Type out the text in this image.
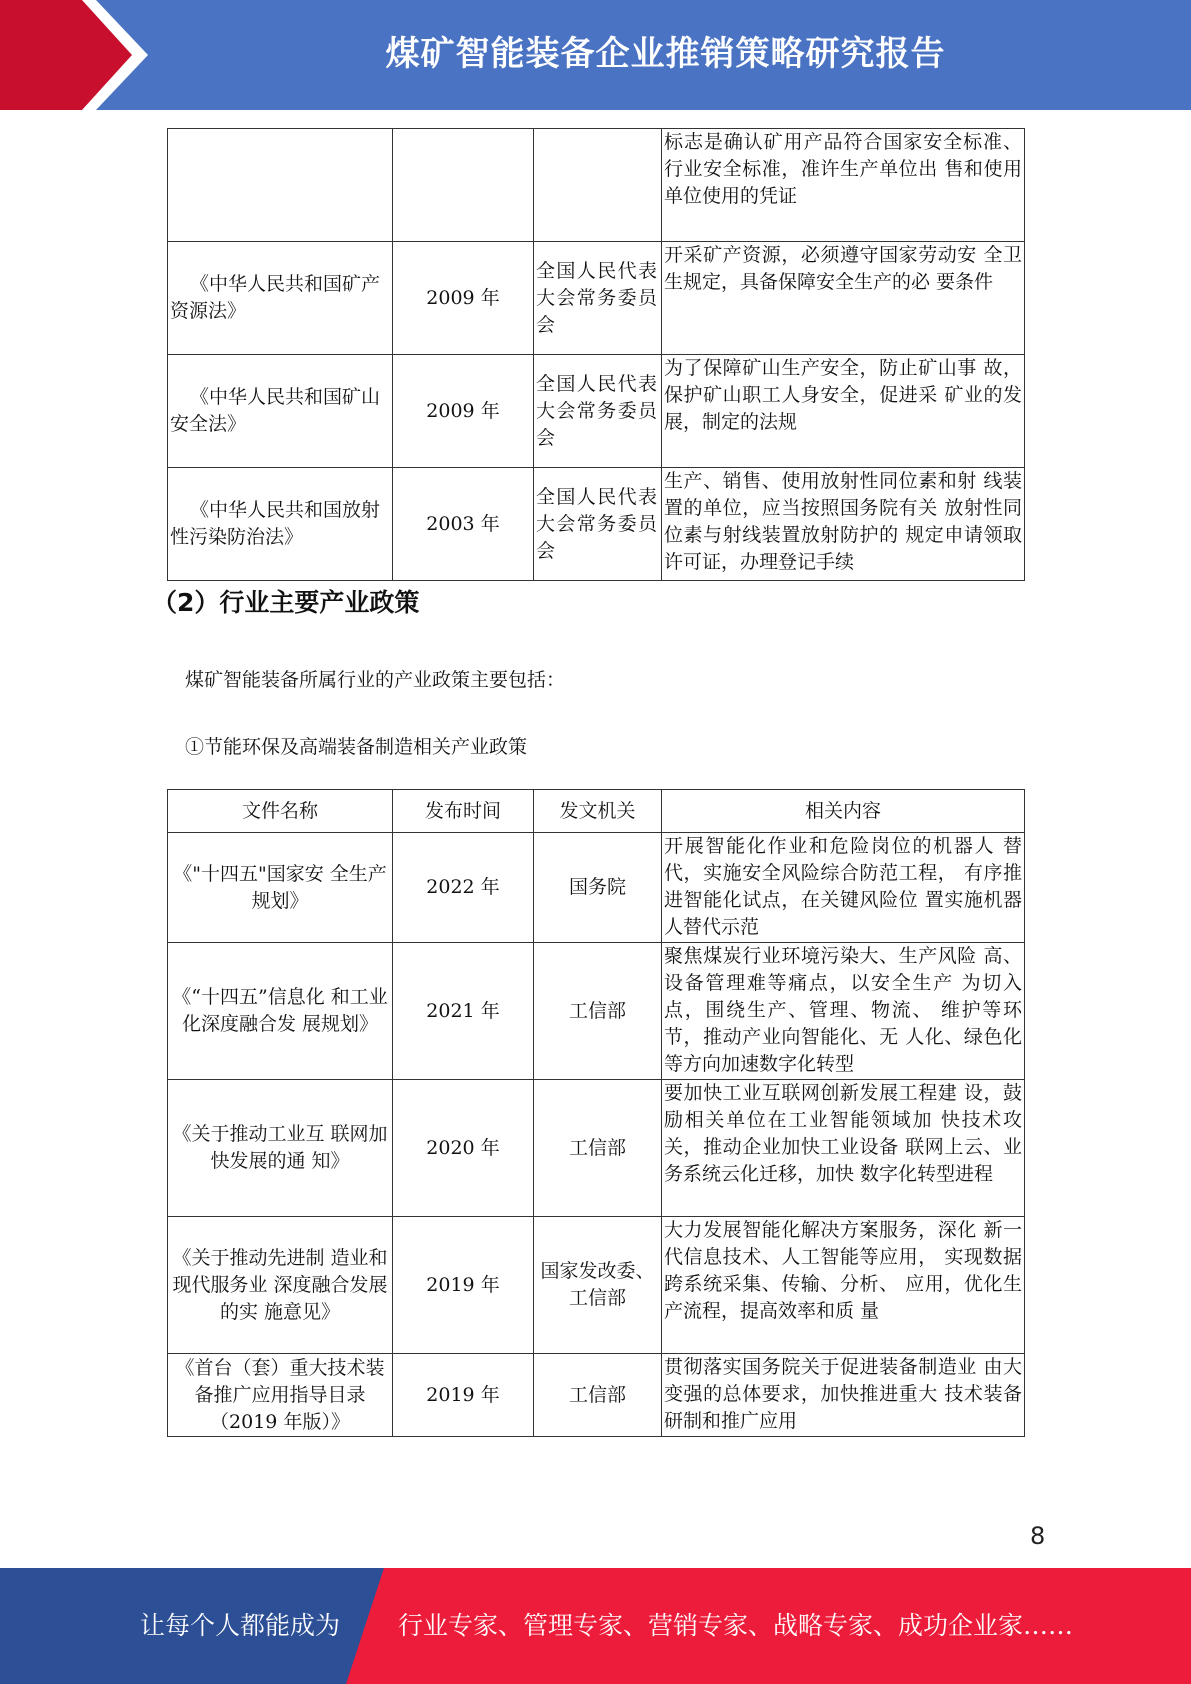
煤矿智能装备企业推销策略研究报告
			标志是确认矿用产品符合国家安全标准、行业安全标准，准许生产单位出 售和使用单位使用的凭证
《中华人民共和国矿产资源法》	2009 年	全国人民代表大会常务委员会	开采矿产资源，必须遵守国家劳动安 全卫生规定，具备保障安全生产的必 要条件
《中华人民共和国矿山安全法》	2009 年	全国人民代表大会常务委员会	为了保障矿山生产安全，防止矿山事 故，保护矿山职工人身安全，促进采 矿业的发展，制定的法规
《中华人民共和国放射性污染防治法》	2003 年	全国人民代表大会常务委员会	生产、销售、使用放射性同位素和射 线装置的单位，应当按照国务院有关 放射性同位素与射线装置放射防护的 规定申请领取许可证，办理登记手续
（2）行业主要产业政策
煤矿智能装备所属行业的产业政策主要包括：
①节能环保及高端装备制造相关产业政策
文件名称	发布时间	发文机关	相关内容
《"十四五"国家安 全生产规划》	2022 年	国务院	开展智能化作业和危险岗位的机器人 替代，实施安全风险综合防范工程， 有序推进智能化试点，在关键风险位 置实施机器人替代示范
《“十四五”信息化 和工业化深度融合发 展规划》	2021 年	工信部	聚焦煤炭行业环境污染大、生产风险 高、设备管理难等痛点，以安全生产 为切入点，围绕生产、管理、物流、 维护等环节，推动产业向智能化、无 人化、绿色化等方向加速数字化转型
《关于推动工业互 联网加快发展的通 知》	2020 年	工信部	要加快工业互联网创新发展工程建 设，鼓励相关单位在工业智能领域加 快技术攻关，推动企业加快工业设备 联网上云、业务系统云化迁移，加快 数字化转型进程
《关于推动先进制 造业和现代服务业 深度融合发展的实 施意见》	2019 年	国家发改委、工信部	大力发展智能化解决方案服务，深化 新一代信息技术、人工智能等应用， 实现数据跨系统采集、传输、分析、 应用，优化生产流程，提高效率和质 量
《首台（套）重大技术装备推广应用指导目录（2019 年版）》	2019 年	工信部	贯彻落实国务院关于促进装备制造业 由大变强的总体要求，加快推进重大 技术装备研制和推广应用
8
让每个人都能成为 行业专家、管理专家、营销专家、战略专家、成功企业家……
